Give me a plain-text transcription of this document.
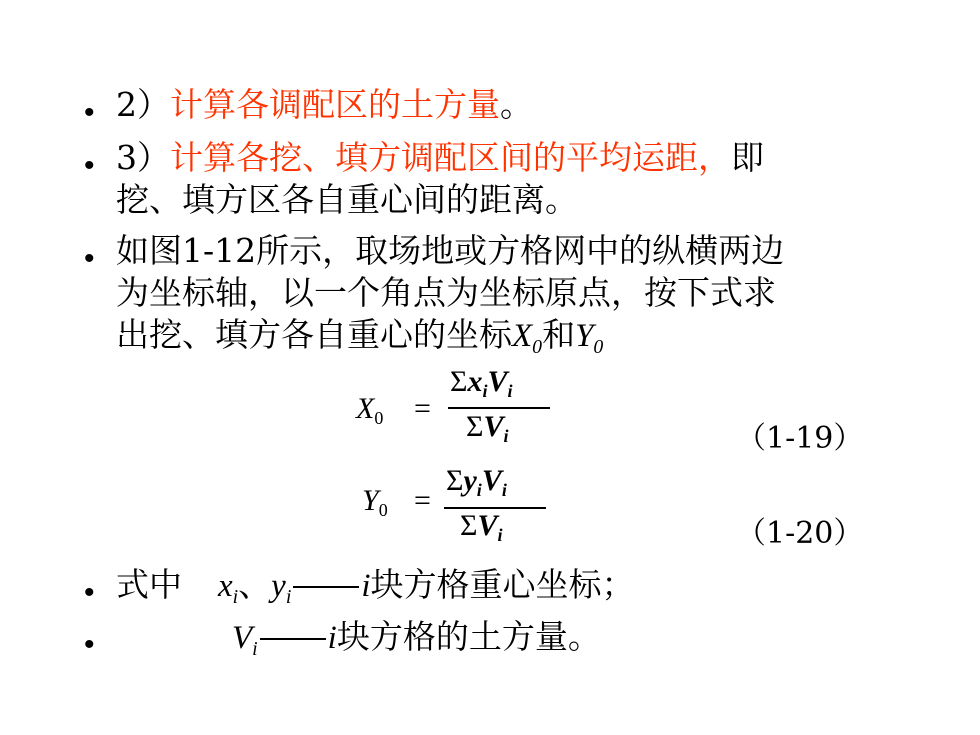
• 2）计算各调配区的土方量。
• 3）计算各挖、填方调配区间的平均运距，即
挖、填方区各自重心间的距离。
• 如图1-12所示，取场地或方格网中的纵横两边
为坐标轴，以一个角点为坐标原点，按下式求
出挖、填方各自重心的坐标$X_0$和$Y_0$
$X_0$ =
$\Sigma x_iV_i$
$\Sigma V_i$	（1-19）
$Y_0$ =
$\Sigma y_iV_i$
$\Sigma V_i$	（1-20）
• 式中 $x_i$、$y_i$ i块方格重心坐标；
•	$V_i$ i块方格的土方量。
